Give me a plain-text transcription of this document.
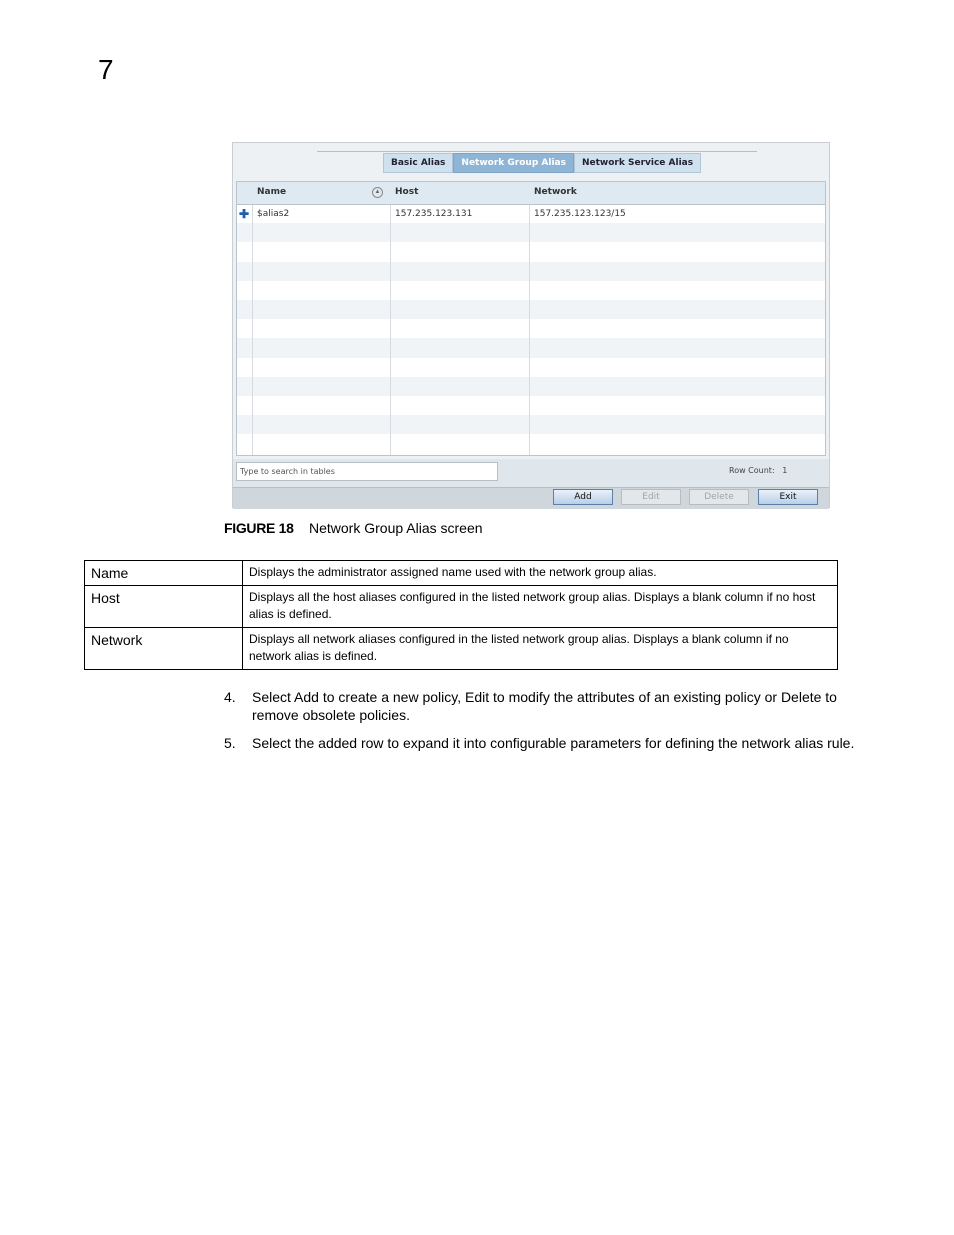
7
Basic Alias	Network Group Alias	Network Service Alias
Name	▲ Host	Network
✚ $alias2	157.235.123.131	157.235.123.123/15
Type to search in tables	Row Count: 1
Add	Edit	Delete	Exit
FIGURE 18 Network Group Alias screen
Name	Displays the administrator assigned name used with the network group alias.
Host	Displays all the host aliases configured in the listed network group alias. Displays a blank column if no host alias is defined.
Network	Displays all network aliases configured in the listed network group alias. Displays a blank column if no network alias is defined.
4. Select Add to create a new policy, Edit to modify the attributes of an existing policy or Delete to remove obsolete policies.
5. Select the added row to expand it into configurable parameters for defining the network alias rule.
